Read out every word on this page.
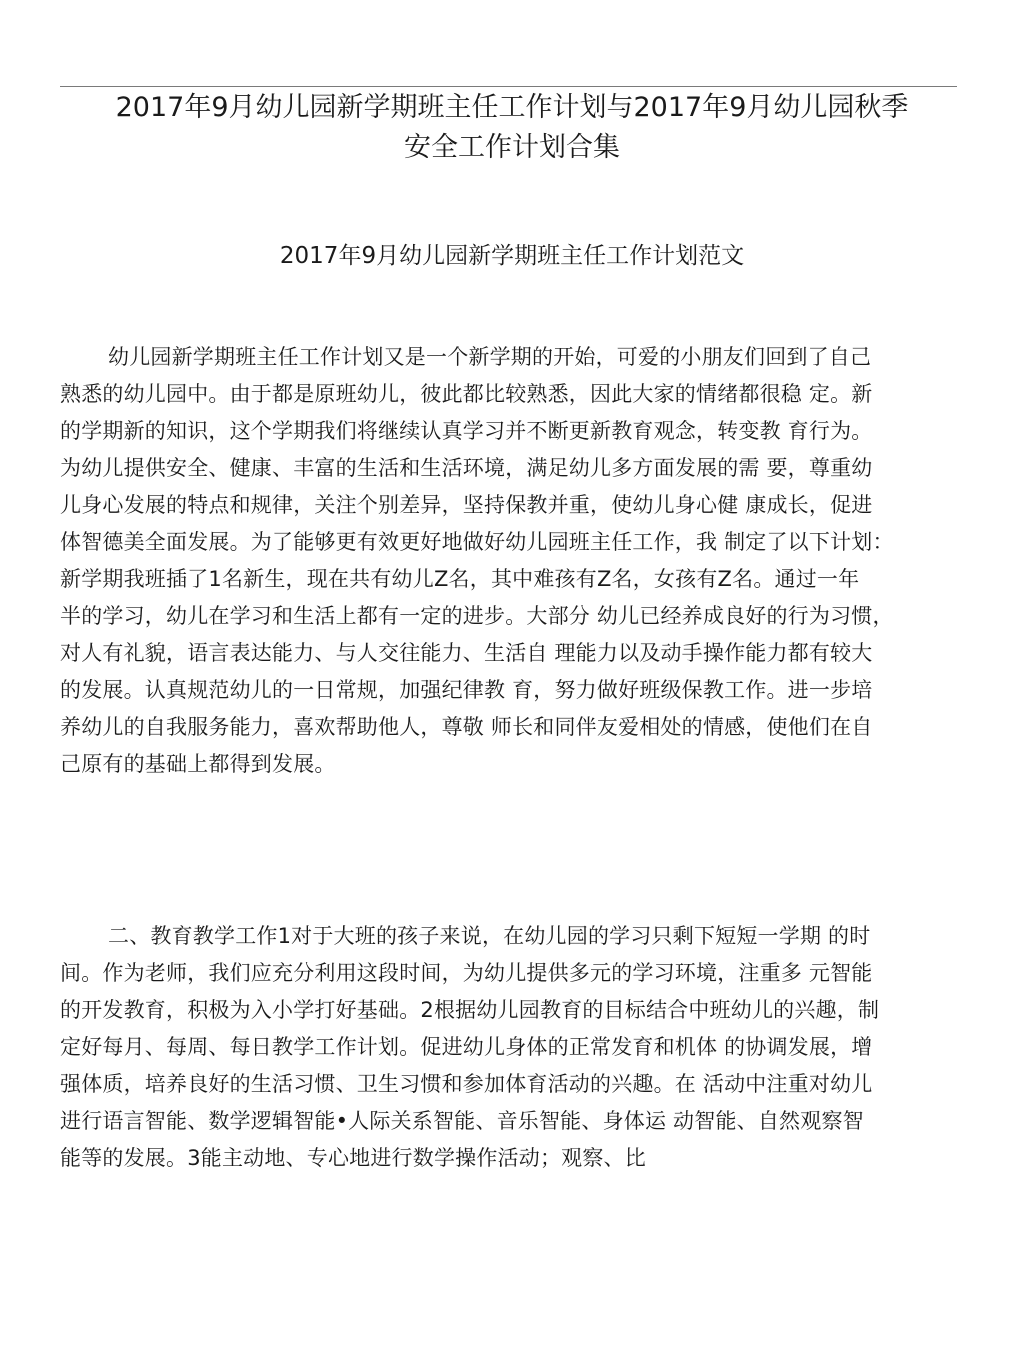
2017年9月幼儿园新学期班主任工作计划与2017年9月幼儿园秋季
安全工作计划合集
2017年9月幼儿园新学期班主任工作计划范文
幼儿园新学期班主任工作计划又是一个新学期的开始，可爱的小朋友们回到了自己
熟悉的幼儿园中。由于都是原班幼儿，彼此都比较熟悉，因此大家的情绪都很稳 定。新
的学期新的知识，这个学期我们将继续认真学习并不断更新教育观念，转变教 育行为。
为幼儿提供安全、健康、丰富的生活和生活环境，满足幼儿多方面发展的需 要，尊重幼
儿身心发展的特点和规律，关注个别差异，坚持保教并重，使幼儿身心健 康成长，促进
体智德美全面发展。为了能够更有效更好地做好幼儿园班主任工作，我 制定了以下计划：
新学期我班插了1名新生，现在共有幼儿Z名，其中难孩有Z名，女孩有Z名。通过一年
半的学习，幼儿在学习和生活上都有一定的进步。大部分 幼儿已经养成良好的行为习惯，
对人有礼貌，语言表达能力、与人交往能力、生活自 理能力以及动手操作能力都有较大
的发展。认真规范幼儿的一日常规，加强纪律教 育，努力做好班级保教工作。进一步培
养幼儿的自我服务能力，喜欢帮助他人，尊敬 师长和同伴友爱相处的情感，使他们在自
己原有的基础上都得到发展。
二、教育教学工作1对于大班的孩子来说，在幼儿园的学习只剩下短短一学期 的时
间。作为老师，我们应充分利用这段时间，为幼儿提供多元的学习环境，注重多 元智能
的开发教育，积极为入小学打好基础。2根据幼儿园教育的目标结合中班幼儿的兴趣，制
定好每月、每周、每日教学工作计划。促进幼儿身体的正常发育和机体 的协调发展，增
强体质，培养良好的生活习惯、卫生习惯和参加体育活动的兴趣。在 活动中注重对幼儿
进行语言智能、数学逻辑智能•人际关系智能、音乐智能、身体运 动智能、自然观察智
能等的发展。3能主动地、专心地进行数学操作活动；观察、比
